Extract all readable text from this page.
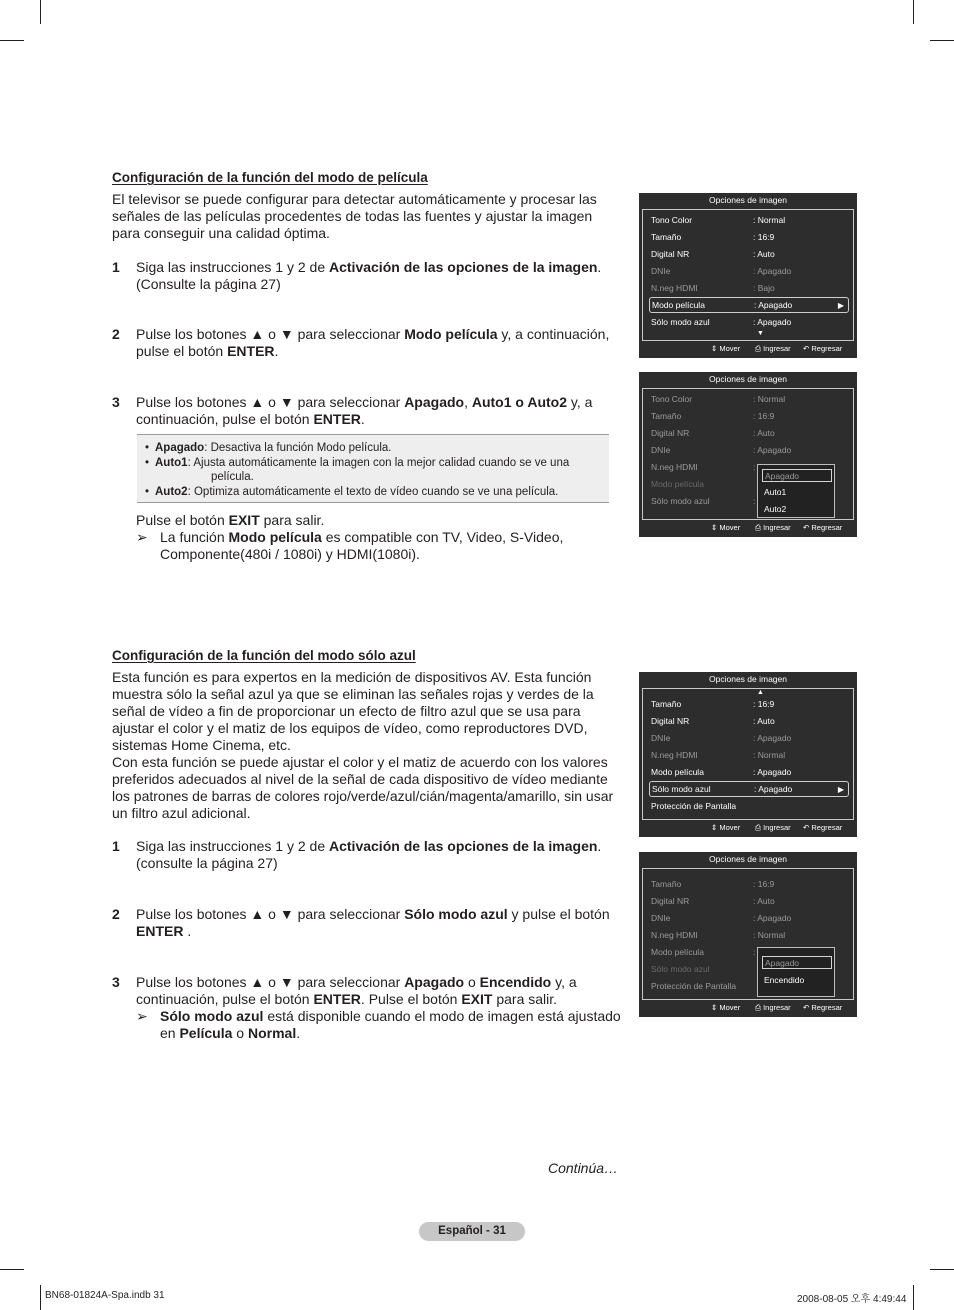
Configuración de la función del modo de película

El televisor se puede configurar para detectar automáticamente y procesar las señales de las películas procedentes de todas las fuentes y ajustar la imagen para conseguir una calidad óptima.

1 Siga las instrucciones 1 y 2 de Activación de las opciones de la imagen. (Consulte la página 27)
2 Pulse los botones ▲ o ▼ para seleccionar Modo película y, a continuación, pulse el botón ENTER.
3 Pulse los botones ▲ o ▼ para seleccionar Apagado, Auto1 o Auto2 y, a continuación, pulse el botón ENTER.
• Apagado: Desactiva la función Modo película.
• Auto1: Ajusta automáticamente la imagen con la mejor calidad cuando se ve una
película.
• Auto2: Optimiza automáticamente el texto de vídeo cuando se ve una película.
Pulse el botón EXIT para salir.
➢ La función Modo película es compatible con TV, Video, S-Video, Componente(480i / 1080i) y HDMI(1080i).
Configuración de la función del modo sólo azul

Esta función es para expertos en la medición de dispositivos AV. Esta función muestra sólo la señal azul ya que se eliminan las señales rojas y verdes de la señal de vídeo a fin de proporcionar un efecto de filtro azul que se usa para ajustar el color y el matiz de los equipos de vídeo, como reproductores DVD, sistemas Home Cinema, etc.

Con esta función se puede ajustar el color y el matiz de acuerdo con los valores preferidos adecuados al nivel de la señal de cada dispositivo de vídeo mediante los patrones de barras de colores rojo/verde/azul/cián/magenta/amarillo, sin usar un filtro azul adicional.

1 Siga las instrucciones 1 y 2 de Activación de las opciones de la imagen. (consulte la página 27)
2 Pulse los botones ▲ o ▼ para seleccionar Sólo modo azul y pulse el botón ENTER .
3 Pulse los botones ▲ o ▼ para seleccionar Apagado o Encendido y, a continuación, pulse el botón ENTER. Pulse el botón EXIT para salir.
➢ Sólo modo azul está disponible cuando el modo de imagen está ajustado en Película o Normal.
Continúa…
Español - 31
BN68-01824A-Spa.indb 31	2008-08-05 오후 4:49:44
Opciones de imagen
Tono Color	: Normal
Tamaño	: 16:9
Digital NR	: Auto
DNIe	: Apagado
N.neg HDMI	: Bajo
Modo película	: Apagado	▶
Sólo modo azul	: Apagado
▼
⇕ Mover ⎙ Ingresar ↶ Regresar
Opciones de imagen
Tono Color	: Normal
Tamaño	: 16:9
Digital NR	: Auto
DNIe	: Apagado
N.neg HDMI	:
Modo película
Sólo modo azul	:
Apagado
Auto1
Auto2
⇕ Mover ⎙ Ingresar ↶ Regresar
Opciones de imagen
▲
Tamaño	: 16:9
Digital NR	: Auto
DNIe	: Apagado
N.neg HDMI	: Normal
Modo película	: Apagado
Sólo modo azul	: Apagado	▶
Protección de Pantalla
⇕ Mover ⎙ Ingresar ↶ Regresar
Opciones de imagen
Tamaño	: 16:9
Digital NR	: Auto
DNIe	: Apagado
N.neg HDMI	: Normal
Modo película	:
Sólo modo azul
Protección de Pantalla
Apagado
Encendido
⇕ Mover ⎙ Ingresar ↶ Regresar
